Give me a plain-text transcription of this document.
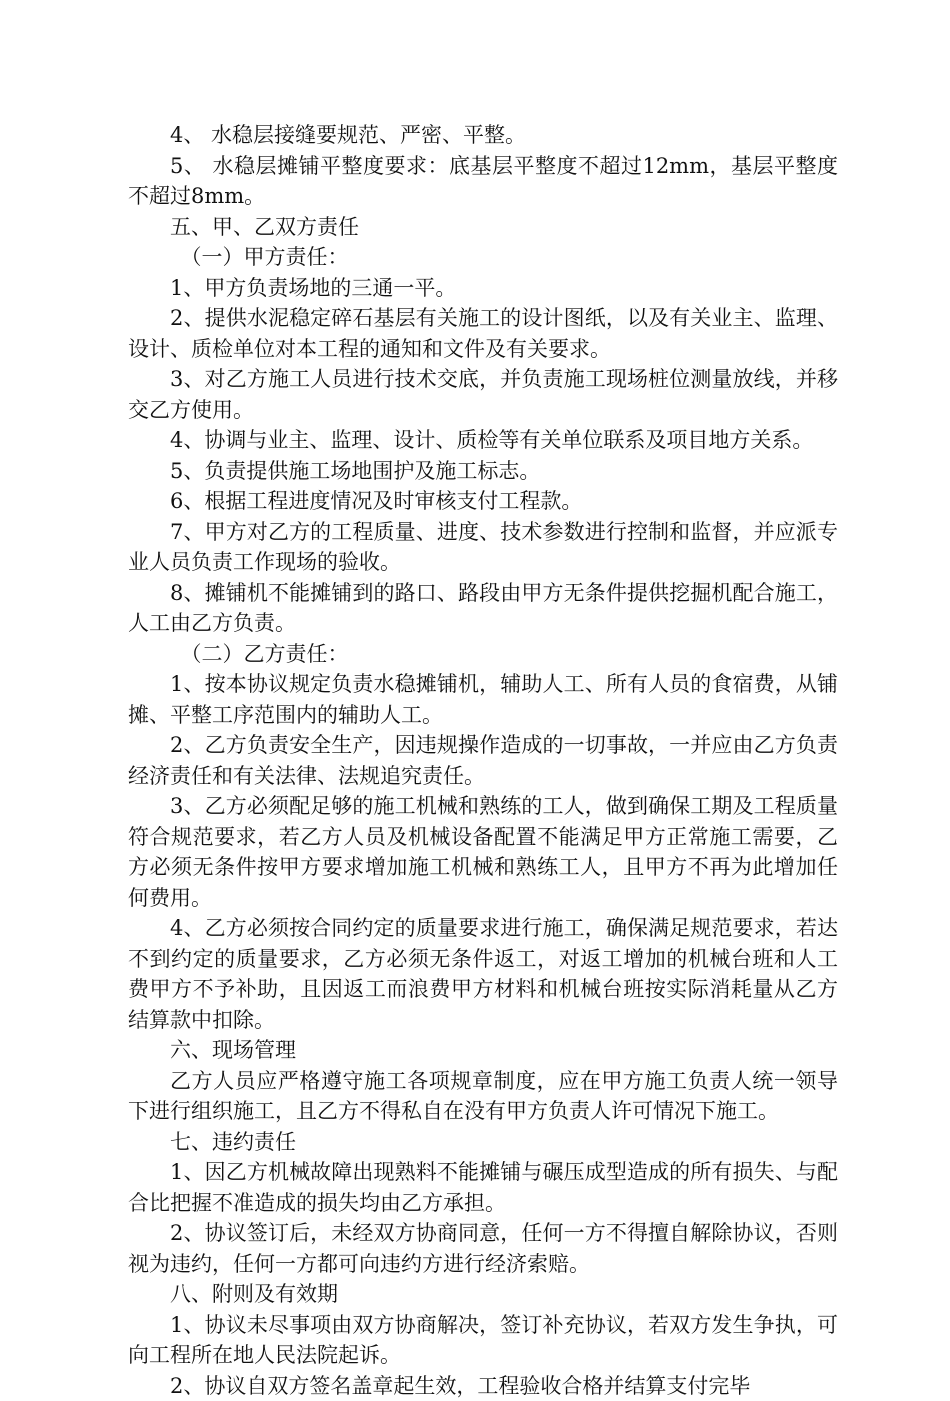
4、 水稳层接缝要规范、严密、平整。

5、 水稳层摊铺平整度要求：底基层平整度不超过12mm，基层平整度不超过8mm。

五、甲、乙双方责任

（一）甲方责任：

1、甲方负责场地的三通一平。

2、提供水泥稳定碎石基层有关施工的设计图纸，以及有关业主、监理、设计、质检单位对本工程的通知和文件及有关要求。

3、对乙方施工人员进行技术交底，并负责施工现场桩位测量放线，并移交乙方使用。

4、协调与业主、监理、设计、质检等有关单位联系及项目地方关系。

5、负责提供施工场地围护及施工标志。

6、根据工程进度情况及时审核支付工程款。

7、甲方对乙方的工程质量、进度、技术参数进行控制和监督，并应派专业人员负责工作现场的验收。

8、摊铺机不能摊铺到的路口、路段由甲方无条件提供挖掘机配合施工，人工由乙方负责。

（二）乙方责任：

1、按本协议规定负责水稳摊铺机，辅助人工、所有人员的食宿费，从铺摊、平整工序范围内的辅助人工。

2、乙方负责安全生产，因违规操作造成的一切事故，一并应由乙方负责经济责任和有关法律、法规追究责任。

3、乙方必须配足够的施工机械和熟练的工人，做到确保工期及工程质量符合规范要求，若乙方人员及机械设备配置不能满足甲方正常施工需要，乙方必须无条件按甲方要求增加施工机械和熟练工人，且甲方不再为此增加任何费用。

4、乙方必须按合同约定的质量要求进行施工，确保满足规范要求，若达不到约定的质量要求，乙方必须无条件返工，对返工增加的机械台班和人工费甲方不予补助，且因返工而浪费甲方材料和机械台班按实际消耗量从乙方结算款中扣除。

六、现场管理

乙方人员应严格遵守施工各项规章制度，应在甲方施工负责人统一领导下进行组织施工，且乙方不得私自在没有甲方负责人许可情况下施工。

七、违约责任

1、因乙方机械故障出现熟料不能摊铺与碾压成型造成的所有损失、与配合比把握不准造成的损失均由乙方承担。

2、协议签订后，未经双方协商同意，任何一方不得擅自解除协议，否则视为违约，任何一方都可向违约方进行经济索赔。

八、附则及有效期

1、协议未尽事项由双方协商解决，签订补充协议，若双方发生争执，可向工程所在地人民法院起诉。

2、协议自双方签名盖章起生效，工程验收合格并结算支付完毕
